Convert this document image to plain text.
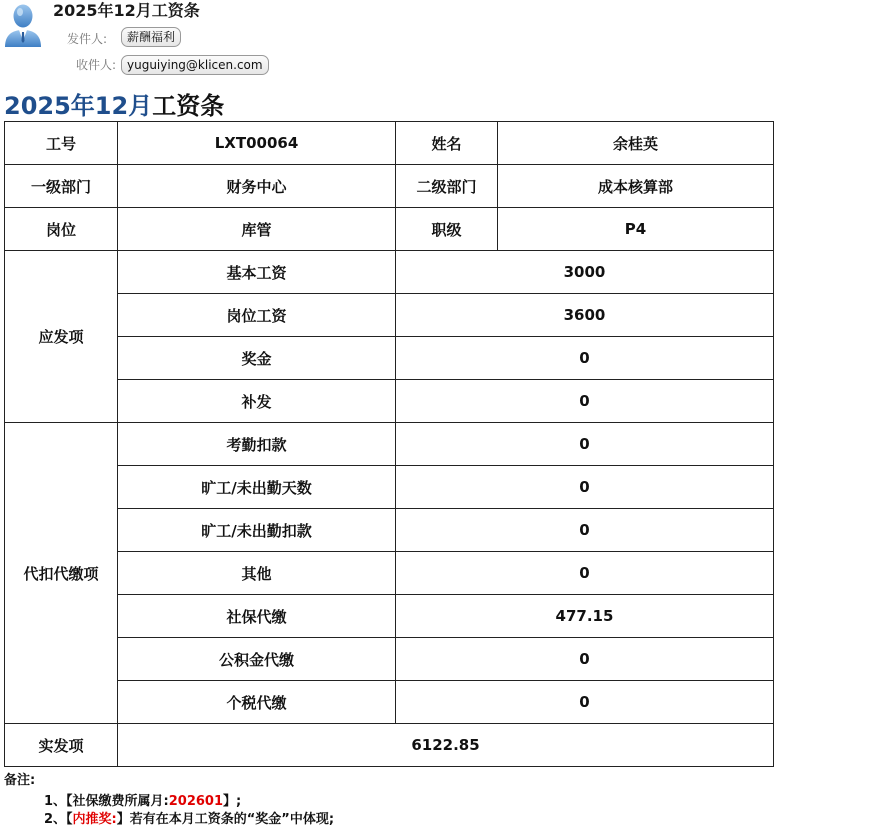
2025年12月工资条
发件人:	薪酬福利
收件人: yuguiying@klicen.com
2025年12月工资条
工号	LXT00064	姓名	余桂英
一级部门	财务中心	二级部门	成本核算部
岗位	库管	职级	P4
应发项	基本工资	3000	
	岗位工资	3600	
	奖金	0	
	补发	0	
代扣代缴项	考勤扣款	0	
	旷工/未出勤天数	0	
	旷工/未出勤扣款	0	
	其他	0	
	社保代缴	477.15	
	公积金代缴	0	
	个税代缴	0	
实发项	6122.85		
备注:
1、【社保缴费所属月:202601】;
2、【内推奖:】若有在本月工资条的“奖金”中体现;
